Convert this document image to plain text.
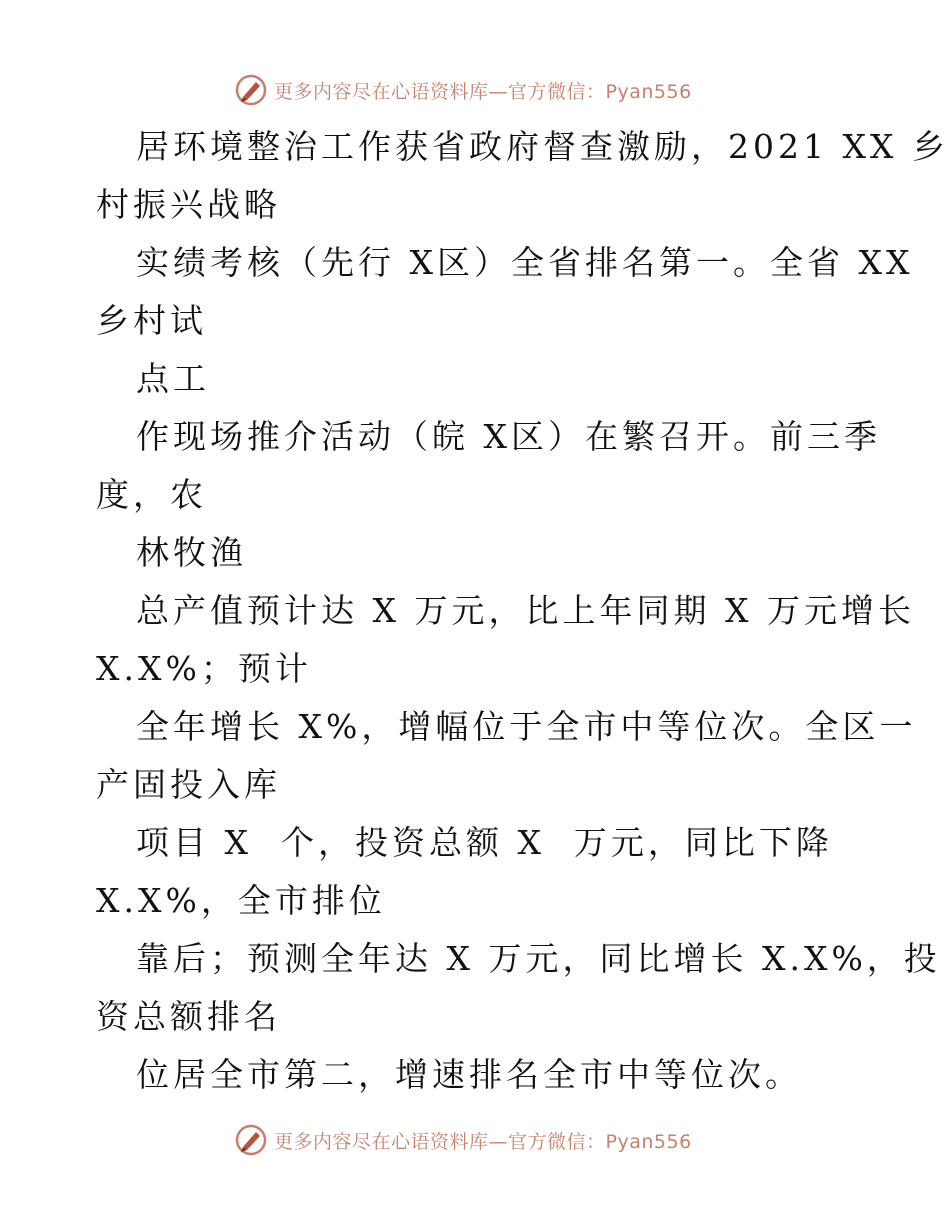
更多内容尽在心语资料库—官方微信：Pyan556
居环境整治工作获省政府督查激励，2021 XX 乡
村振兴战略
实绩考核（先行 X区）全省排名第一。全省 XX
乡村试
点工
作现场推介活动（皖 X区）在繁召开。前三季
度，农
林牧渔
总产值预计达 X 万元，比上年同期 X 万元增长
X.X%；预计
全年增长 X%，增幅位于全市中等位次。全区一
产固投入库
项目 X  个，投资总额 X  万元，同比下降
X.X%，全市排位
靠后；预测全年达 X 万元，同比增长 X.X%，投
资总额排名
位居全市第二，增速排名全市中等位次。
更多内容尽在心语资料库—官方微信：Pyan556
